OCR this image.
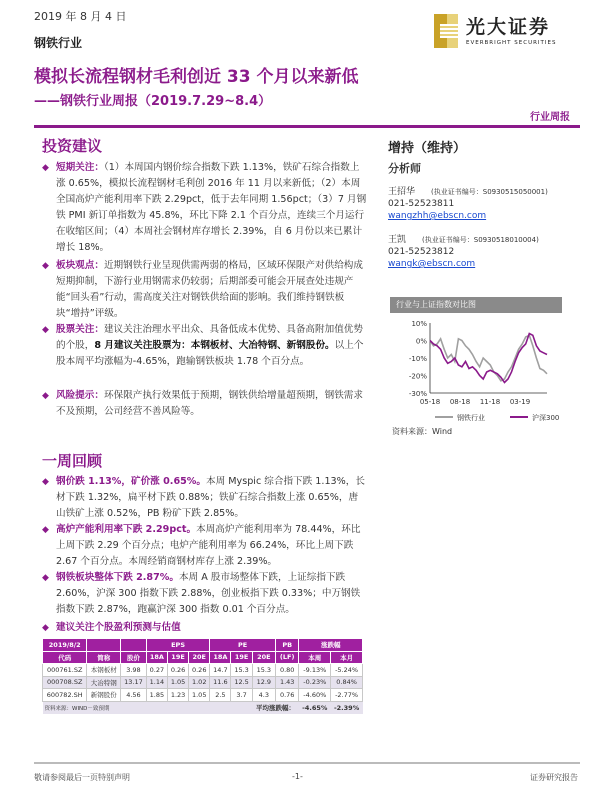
2019 年 8 月 4 日
钢铁行业
光大证券
EVERBRIGHT SECURITIES
模拟长流程钢材毛利创近 33 个月以来新低
——钢铁行业周报（2019.7.29~8.4）
行业周报
投资建议
◆ 短期关注：（1）本周国内钢价综合指数下跌 1.13%，铁矿石综合指数上涨 0.65%，模拟长流程钢材毛利创 2016 年 11 月以来新低；（2）本周全国高炉产能利用率下跌 2.29pct，低于去年同期 1.56pct；（3）7 月钢铁 PMI 新订单指数为 45.8%，环比下降 2.1 个百分点，连续三个月运行在收缩区间；（4）本周社会钢材库存增长 2.39%，自 6 月份以来已累计增长 18%。
◆ 板块观点：近期钢铁行业呈现供需两弱的格局，区域环保限产对供给构成短期抑制，下游行业用钢需求仍较弱；后期部委可能会开展查处违规产能“回头看”行动，需高度关注对钢铁供给面的影响。我们维持钢铁板块“增持”评级。
◆ 股票关注：建议关注治理水平出众、具备低成本优势、具备高附加值优势的个股，8 月建议关注股票为：本钢板材、大冶特钢、新钢股份。以上个股本周平均涨幅为-4.65%，跑输钢铁板块 1.78 个百分点。
◆ 风险提示：环保限产执行效果低于预期，钢铁供给增量超预期，钢铁需求不及预期，公司经营不善风险等。
一周回顾
◆ 钢价跌 1.13%，矿价涨 0.65%。本周 Myspic 综合指下跌 1.13%，长材下跌 1.32%，扁平材下跌 0.88%；铁矿石综合指数上涨 0.65%，唐山铁矿上涨 0.52%，PB 粉矿下跌 2.85%。
◆ 高炉产能利用率下跌 2.29pct。本周高炉产能利用率为 78.44%，环比上周下跌 2.29 个百分点；电炉产能利用率为 66.24%，环比上周下跌 2.67 个百分点。本周经销商钢材库存上涨 2.39%。
◆ 钢铁板块整体下跌 2.87%。本周 A 股市场整体下跌，上证综指下跌 2.60%，沪深 300 指数下跌 2.88%，创业板指下跌 0.33%；中万钢铁指数下跌 2.87%，跑赢沪深 300 指数 0.01 个百分点。
◆ 建议关注个股盈利预测与估值
2019/8/2			EPS			PE			PB	涨跌幅	
代码	简称	股价	18A	19E	20E	18A	19E	20E	(LF)	本周	本月
000761.SZ	本钢板材	3.98	0.27	0.26	0.26	14.7	15.3	15.3	0.80	-9.13%	-5.24%
000708.SZ	大冶特钢	13.17	1.14	1.05	1.02	11.6	12.5	12.9	1.43	-0.23%	0.84%
600782.SH	新钢股份	4.56	1.85	1.23	1.05	2.5	3.7	4.3	0.76	-4.60%	-2.77%
资料来源：WIND－致预期								平均涨跌幅：		-4.65%	-2.39%
增持（维持）
分析师
王招华 (执业证书编号：S0930515050001)
021-52523811
wangzhh@ebscn.com
王凯 (执业证书编号：S0930518010004)
021-52523812
wangk@ebscn.com
行业与上证指数对比图
10%
0%
-10%
-20%
-30%
05-18 08-18 11-18 03-19
钢铁行业	沪深300
资料来源：Wind
敬请参阅最后一页特别声明	-1-	证券研究报告
